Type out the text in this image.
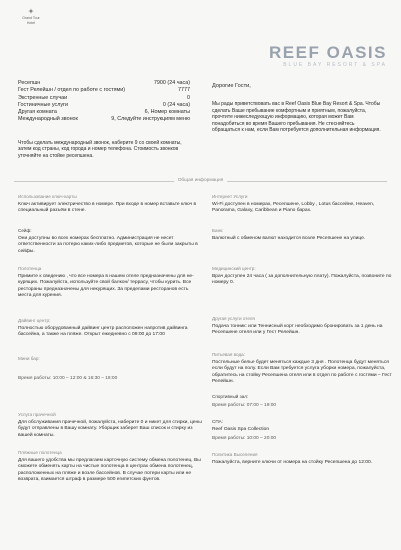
✦
Grand Tour
Hotel
REEF OASIS
BLUE BAY RESORT & SPA
Ресепшн	7900 (24 часа)
Гест Релейшн / отдел по работе с гостями)	7777
Экстренные случаи	0
Гостиничные услуги	0 (24 часа)
Другая комната	6, Номер комнаты
Международный звонок	9, Следуйте инструкциям меню
Дорогие Гости,
Мы рады приветствовать вас в Reef Oasis Blue Bay Resort & Spa. Чтобы сделать Ваше пребывание комфортным и приятным, пожалуйста, прочтите нижеследующую информацию, которая может Вам понадобиться во время Вашего пребывания. Не стесняйтесь обращаться к нам, если Вам потребуется дополнительная информация.
Чтобы сделать международный звонок, наберите 9 со своей комнаты, затем код страны, код города и номер телефона. Стоимость звонков уточняйте на стойке ресепшена.
Общая информация
Использование ключ-карты
Ключ активирует электричество в номере. При входе в номер вставьте ключ в специальный разъём в стене.
Сейф:
Они доступны во всех номерах бесплатно. Администрация не несет ответственности за потерю каких-либо предметов, которые не были закрыты в сейфы.
Полотенца
Примите к сведению , что все номера в нашем отеле предназначены для не-курящих. Пожалуйста, используйте свой балкон/ террасу, чтобы курить. Все рестораны предназначены для некурящих. За пределами ресторанов есть места для курения.
Дайвинг центр:
Полностью оборудованный дайвинг центр расположен напротив дайвинга бассейна, а также на пляже. Открыт ежедневно с 09:00 до 17:00
Мини бар:
Время работы: 10:00 – 12:00 & 16:30 – 18:00
Услуга прачечной
Для обслуживания прачечной, пожалуйста, наберите 0 и никет для стирки, цены будут отправлены в Вашу комнату. Уборщик заберет Ваш список и стирку из вашей комнаты.
Пляжные полотенца
Для вашего удобства мы предлагаем карточную систему обмена полотенец. Вы сможете обменять карты на чистые полотенца в центрах обмена полотенец, расположенных на пляже и возле бассейнов. В случае потери карты или не возврата, взимается штраф в размере 500 египетских фунтов.
Интернет Услуги
Wi-Fi доступен в номерах, Ресепшене, Lobby , Lotus бассейне, Heaven, Panorama, Galaxy, Caribbean и Piano барах.
Банк:
Валютный с обменом валют находится возле Ресепшене на улице.
Медицинский центр:
Врач доступен 24 часа ( за дополнительную плату). Пожалуйста, позвоните по номеру 0.
Другая услуги отеля
Подача тонник: или Теннисный корт необходимо бронировать за 1 день на Ресепшене отеля или у Гест Релейшн.
Питьевая вода:
Постельные белье будет меняться каждые 3 дня . Полотенца будут меняться если будут на полу. Если Вам требуется услуга уборки номера, пожалуйста, обратитесь на стойку Ресепшена отеля или в отдел по работе с гостями – Гест Релейшн.
Спортивный зал:
Время работы: 07:00 – 19:00
СПА:
Reef Oasis Spa Collection
Время работы: 10:00 – 20:00
Политика Выселения
Пожалуйста, верните ключи от номера на стойку Ресепшена до 12:00.
